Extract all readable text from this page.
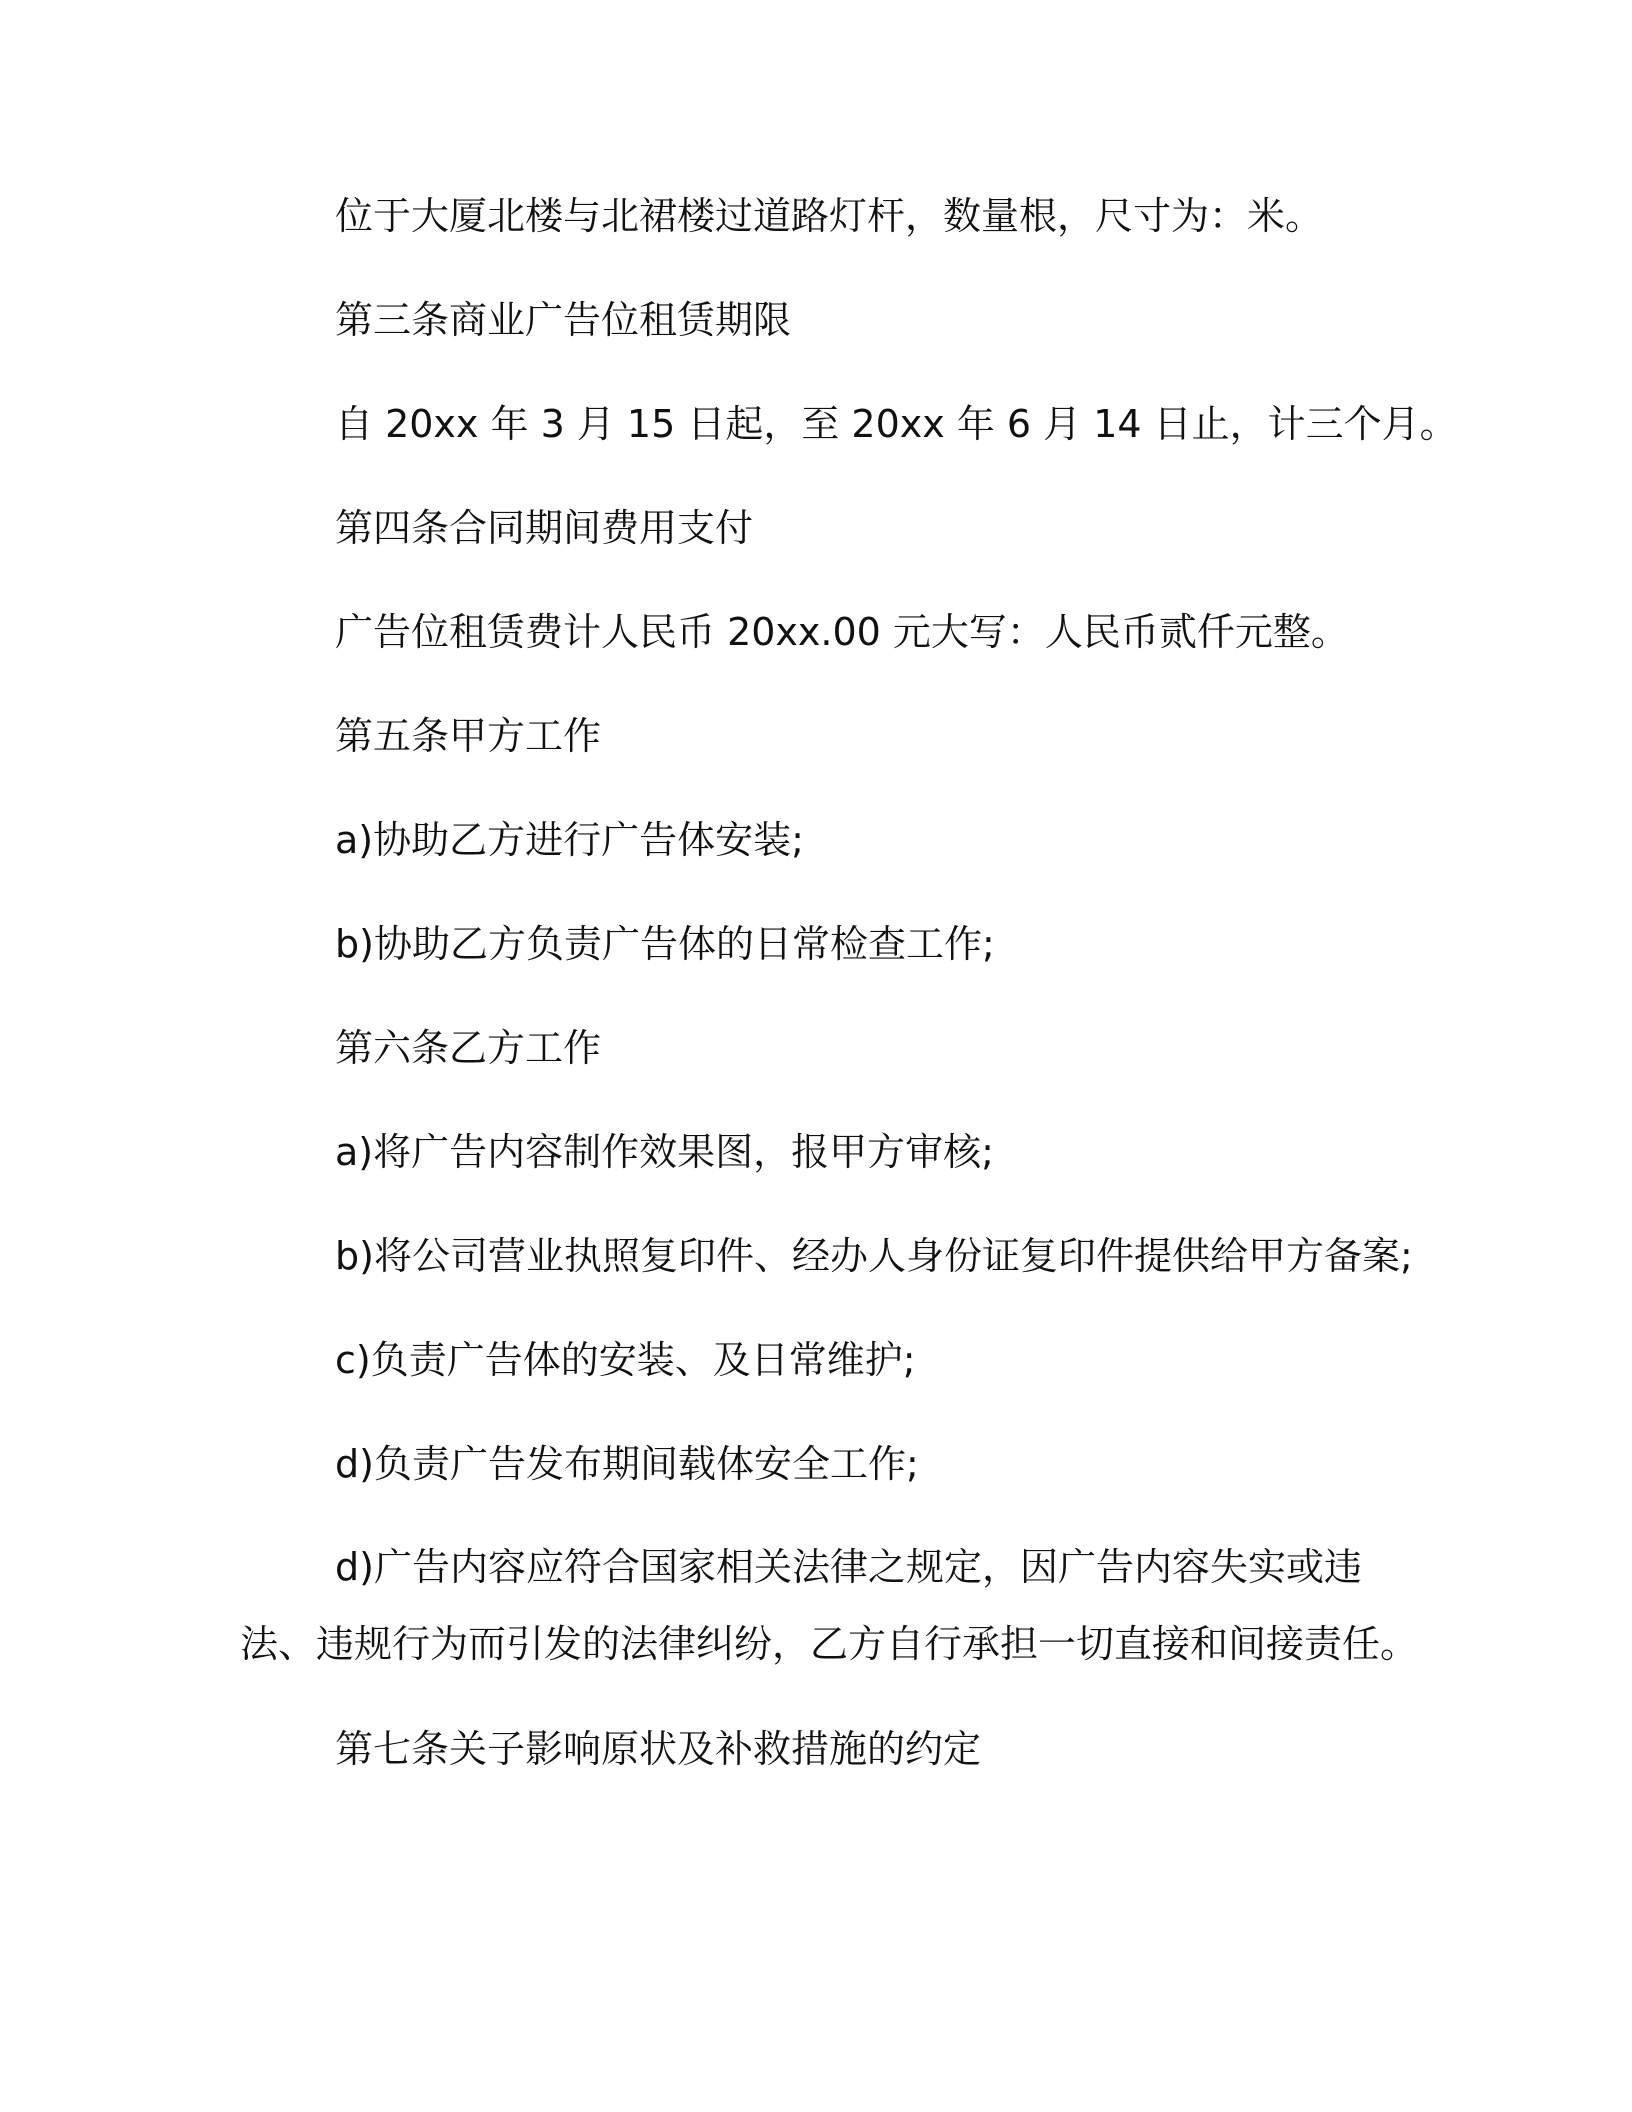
位于大厦北楼与北裙楼过道路灯杆，数量根，尺寸为：米。

第三条商业广告位租赁期限

自 20xx 年 3 月 15 日起，至 20xx 年 6 月 14 日止，计三个月。

第四条合同期间费用支付

广告位租赁费计人民币 20xx.00 元大写：人民币贰仟元整。

第五条甲方工作

a)协助乙方进行广告体安装;

b)协助乙方负责广告体的日常检查工作;

第六条乙方工作

a)将广告内容制作效果图，报甲方审核;

b)将公司营业执照复印件、经办人身份证复印件提供给甲方备案;

c)负责广告体的安装、及日常维护;

d)负责广告发布期间载体安全工作;

d)广告内容应符合国家相关法律之规定，因广告内容失实或违法、违规行为而引发的法律纠纷，乙方自行承担一切直接和间接责任。

第七条关子影响原状及补救措施的约定
